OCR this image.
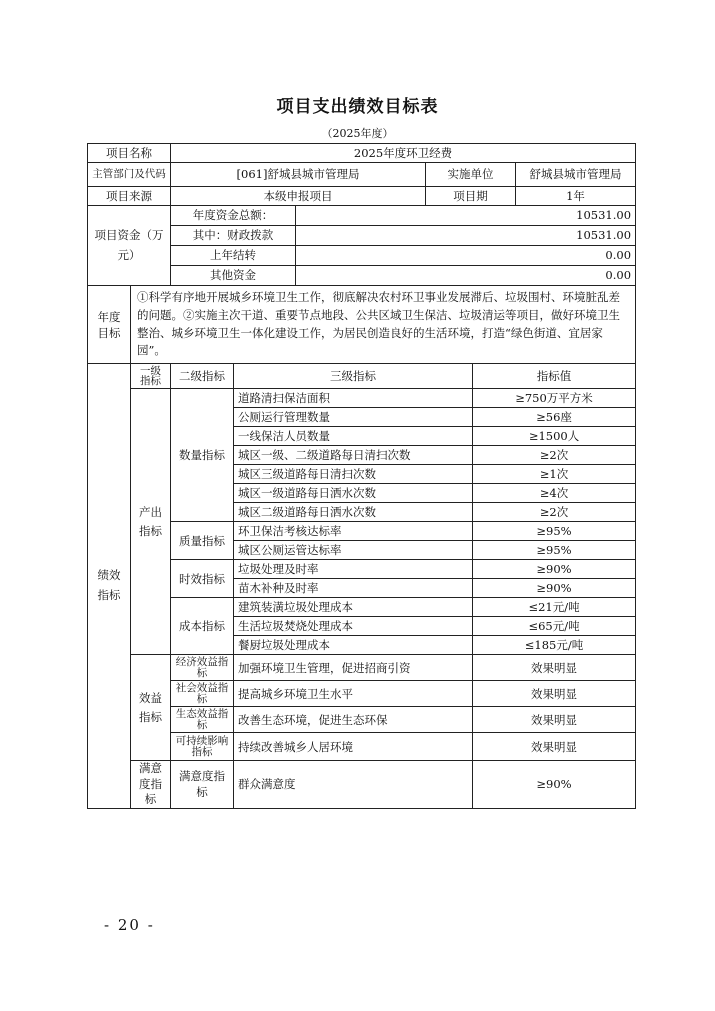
项目支出绩效目标表
（2025年度）
项目名称		2025年度环卫经费					
主管部门及代码		[061]舒城县城市管理局			实施单位		舒城县城市管理局
项目来源		本级申报项目			项目期		1年
项目资金（万元）		年度资金总额：		10531.00			
		其中：财政拨款		10531.00			
		上年结转		0.00			
		其他资金		0.00			
年度目标	①科学有序地开展城乡环境卫生工作，彻底解决农村环卫事业发展滞后、垃圾围村、环境脏乱差的问题。②实施主次干道、重要节点地段、公共区域卫生保洁、垃圾清运等项目，做好环境卫生整治、城乡环境卫生一体化建设工作，为居民创造良好的生活环境，打造“绿色街道、宜居家园”。						
绩效指标	一级指标	二级指标	三级指标			指标值	
	产出指标	数量指标	道路清扫保洁面积			≥750万平方米	
			公厕运行管理数量			≥56座	
			一线保洁人员数量			≥1500人	
			城区一级、二级道路每日清扫次数			≥2次	
			城区三级道路每日清扫次数			≥1次	
			城区一级道路每日洒水次数			≥4次	
			城区二级道路每日洒水次数			≥2次	
		质量指标	环卫保洁考核达标率			≥95%	
			城区公厕运管达标率			≥95%	
		时效指标	垃圾处理及时率			≥90%	
			苗木补种及时率			≥90%	
		成本指标	建筑装潢垃圾处理成本			≤21元/吨	
			生活垃圾焚烧处理成本			≤65元/吨	
			餐厨垃圾处理成本			≤185元/吨	
	效益指标	经济效益指标	加强环境卫生管理，促进招商引资			效果明显	
		社会效益指标	提高城乡环境卫生水平			效果明显	
		生态效益指标	改善生态环境，促进生态环保			效果明显	
		可持续影响指标	持续改善城乡人居环境			效果明显	
	满意度指标	满意度指标	群众满意度			≥90%	
- 20 -
